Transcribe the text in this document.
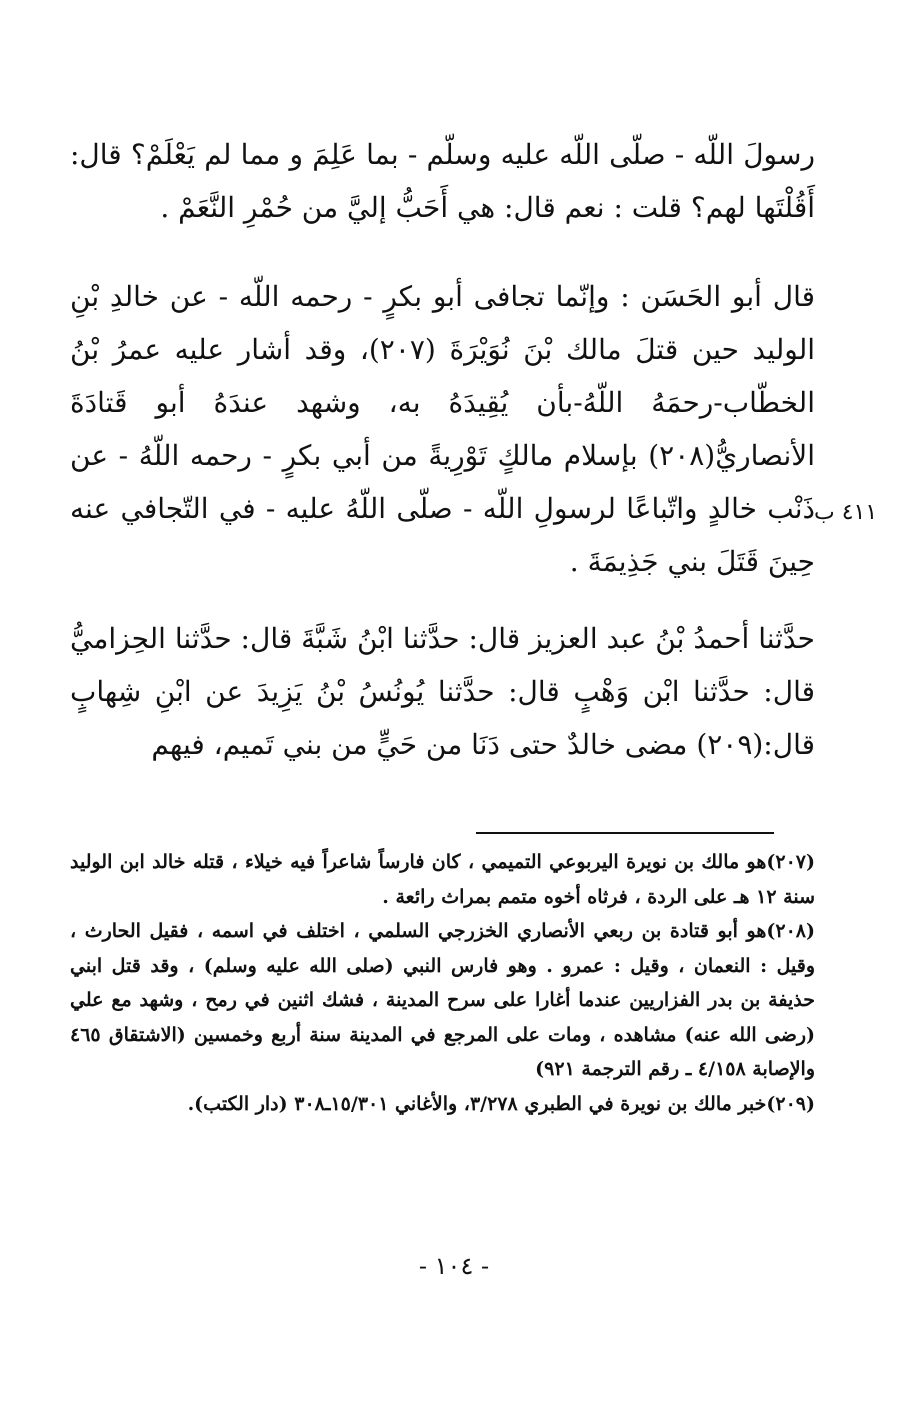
رسولَ اللّه - صلّى اللّه عليه وسلّم - بما عَلِمَ و مما لم يَعْلَمْ؟ قال: أَقُلْتَها لهم؟ قلت : نعم قال: هي أَحَبُّ إليَّ من حُمْرِ النَّعَمْ .
قال أبو الحَسَن : وإنّما تجافى أبو بكرٍ - رحمه اللّه - عن خالدِ بْنِ الوليد حين قتلَ مالك بْنَ نُوَيْرَةَ (٢٠٧)، وقد أشار عليه عمرُ بْنُ الخطّاب-رحمَهُ اللّهُ-بأن يُقِيدَهُ به، وشهد عندَهُ أبو قَتادَةَ الأنصاريُّ(٢٠٨) بإسلام مالكٍ تَوْرِيةً من أبي بكرٍ - رحمه اللّهُ - عن ذَنْب خالدٍ واتّباعًا لرسولِ اللّه - صلّى اللّهُ عليه - في التّجافي عنه حِينَ قَتَلَ بني جَذِيمَةَ .
٤١١ ب
حدَّثنا أحمدُ بْنُ عبد العزيز قال: حدَّثنا ابْنُ شَبَّةَ قال: حدَّثنا الحِزاميُّ قال: حدَّثنا ابْن وَهْبٍ قال: حدَّثنا يُونُسُ بْنُ يَزِيدَ عن ابْنِ شِهابٍ قال:(٢٠٩) مضى خالدٌ حتى دَنَا من حَيٍّ من بني تَميم، فيهم

(٢٠٧)هو مالك بن نويرة اليربوعي التميمي ، كان فارساً شاعراً فيه خيلاء ، قتله خالد ابن الوليد سنة ١٢ هـ على الردة ، فرثاه أخوه متمم بمراث رائعة .

(٢٠٨)هو أبو قتادة بن ربعي الأنصاري الخزرجي السلمي ، اختلف في اسمه ، فقيل الحارث ، وقيل : النعمان ، وقيل : عمرو . وهو فارس النبي (صلى الله عليه وسلم) ، وقد قتل ابني حذيفة بن بدر الفزاريين عندما أغارا على سرح المدينة ، فشك اثنين في رمح ، وشهد مع علي (رضى الله عنه) مشاهده ، ومات على المرجع في المدينة سنة أربع وخمسين (الاشتقاق ٤٦٥ والإصابة ٤/١٥٨ ـ رقم الترجمة ٩٢١)

(٢٠٩)خبر مالك بن نويرة في الطبري ٣/٢٧٨، والأغاني ١٥/٣٠١ـ٣٠٨ (دار الكتب).

- ١٠٤ -
